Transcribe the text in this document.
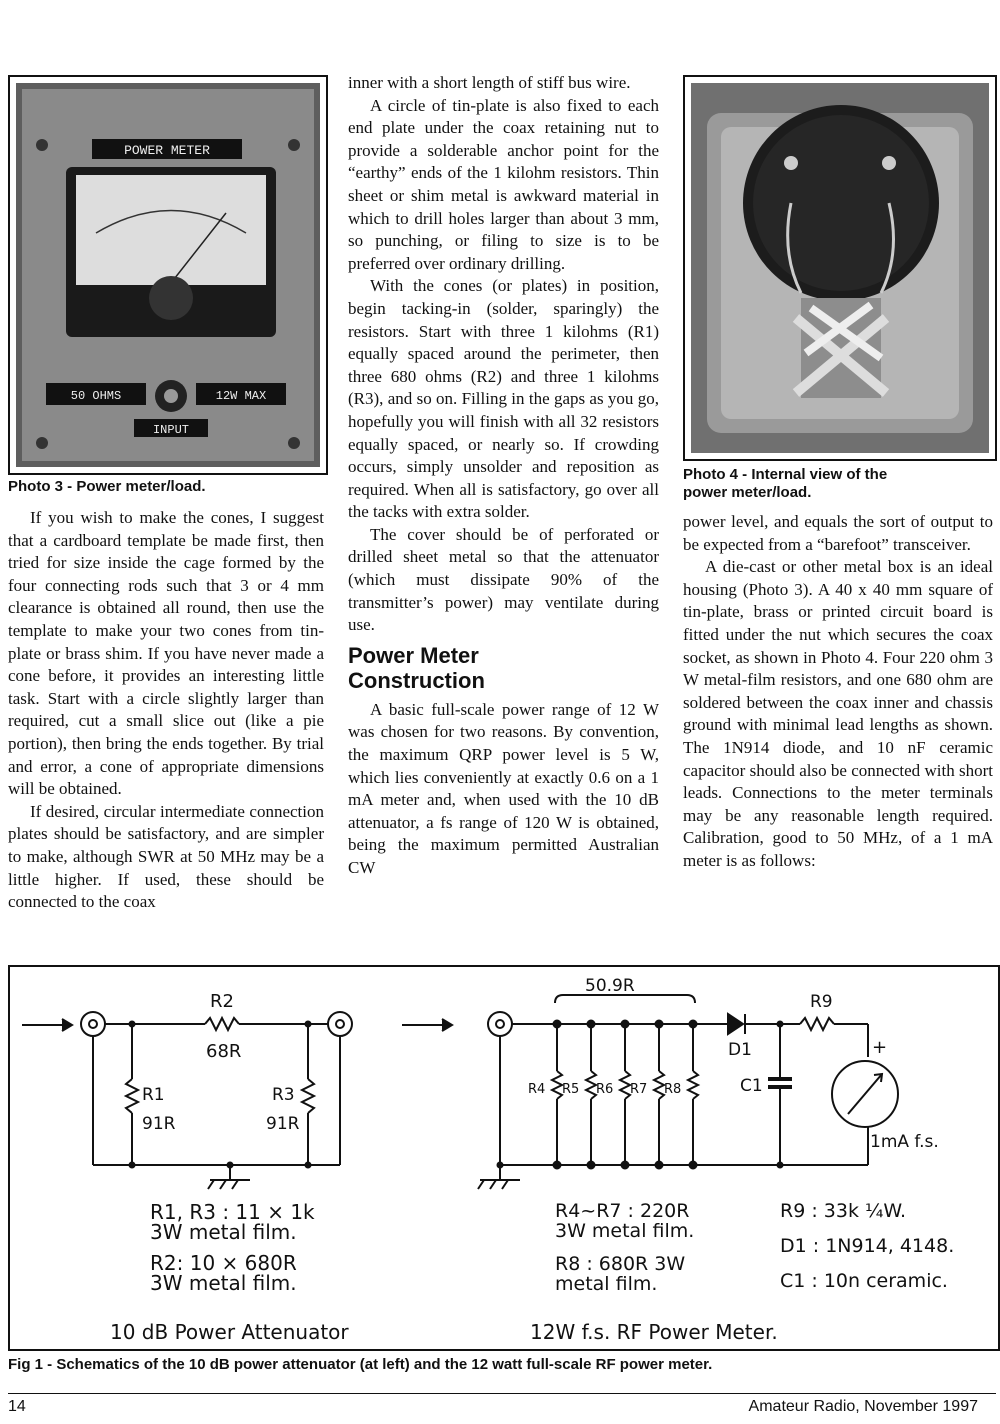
POWER METER
50 OHMS	12W MAX
INPUT
Photo 3 - Power meter/load.

If you wish to make the cones, I suggest that a cardboard template be made first, then tried for size inside the cage formed by the four connecting rods such that 3 or 4 mm clearance is obtained all round, then use the template to make your two cones from tin-plate or brass shim. If you have never made a cone before, it provides an interesting little task. Start with a circle slightly larger than required, cut a small slice out (like a pie portion), then bring the ends together. By trial and error, a cone of appropriate dimensions will be obtained.

If desired, circular intermediate connection plates should be satisfactory, and are simpler to make, although SWR at 50 MHz may be a little higher. If used, these should be connected to the coax

inner with a short length of stiff bus wire.

A circle of tin-plate is also fixed to each end plate under the coax retaining nut to provide a solderable anchor point for the “earthy” ends of the 1 kilohm resistors. Thin sheet or shim metal is awkward material in which to drill holes larger than about 3 mm, so punching, or filing to size is to be preferred over ordinary drilling.

With the cones (or plates) in position, begin tacking-in (solder, sparingly) the resistors. Start with three 1 kilohms (R1) equally spaced around the perimeter, then three 680 ohms (R2) and three 1 kilohms (R3), and so on. Filling in the gaps as you go, hopefully you will finish with all 32 resistors equally spaced, or nearly so. If crowding occurs, simply unsolder and reposition as required. When all is satisfactory, go over all the tacks with extra solder.

The cover should be of perforated or drilled sheet metal so that the attenuator (which must dissipate 90% of the transmitter’s power) may ventilate during use.

Power Meter
Construction

A basic full-scale power range of 12 W was chosen for two reasons. By convention, the maximum QRP power level is 5 W, which lies conveniently at exactly 0.6 on a 1 mA meter and, when used with the 10 dB attenuator, a fs range of 120 W is obtained, being the maximum permitted Australian CW

Photo 4 - Internal view of the
power meter/load.

power level, and equals the sort of output to be expected from a “barefoot” transceiver.

A die-cast or other metal box is an ideal housing (Photo 3). A 40 x 40 mm square of tin-plate, brass or printed circuit board is fitted under the nut which secures the coax socket, as shown in Photo 4. Four 220 ohm 3 W metal-film resistors, and one 680 ohm are soldered between the coax inner and chassis ground with minimal lead lengths as shown. The 1N914 diode, and 10 nF ceramic capacitor should also be connected with short leads. Connections to the meter terminals may be any reasonable length required. Calibration, good to 50 MHz, of a 1 mA meter is as follows:

R2
68R
R1
91R
R3
91R
R1, R3 : 11 × 1k
3W metal film.
R2: 10 × 680R
3W metal film.
10 dB Power Attenuator
50.9R
R9
D1
C1
R4 R5 R6 R7 R8
+
1mA f.s.
R4~R7 : 220R
3W metal film.
R8 : 680R 3W
metal film.
R9 : 33k ¼W.
D1 : 1N914, 4148.
C1 : 10n ceramic.
12W f.s. RF Power Meter.
Fig 1 - Schematics of the 10 dB power attenuator (at left) and the 12 watt full-scale RF power meter.
14	Amateur Radio, November 1997
